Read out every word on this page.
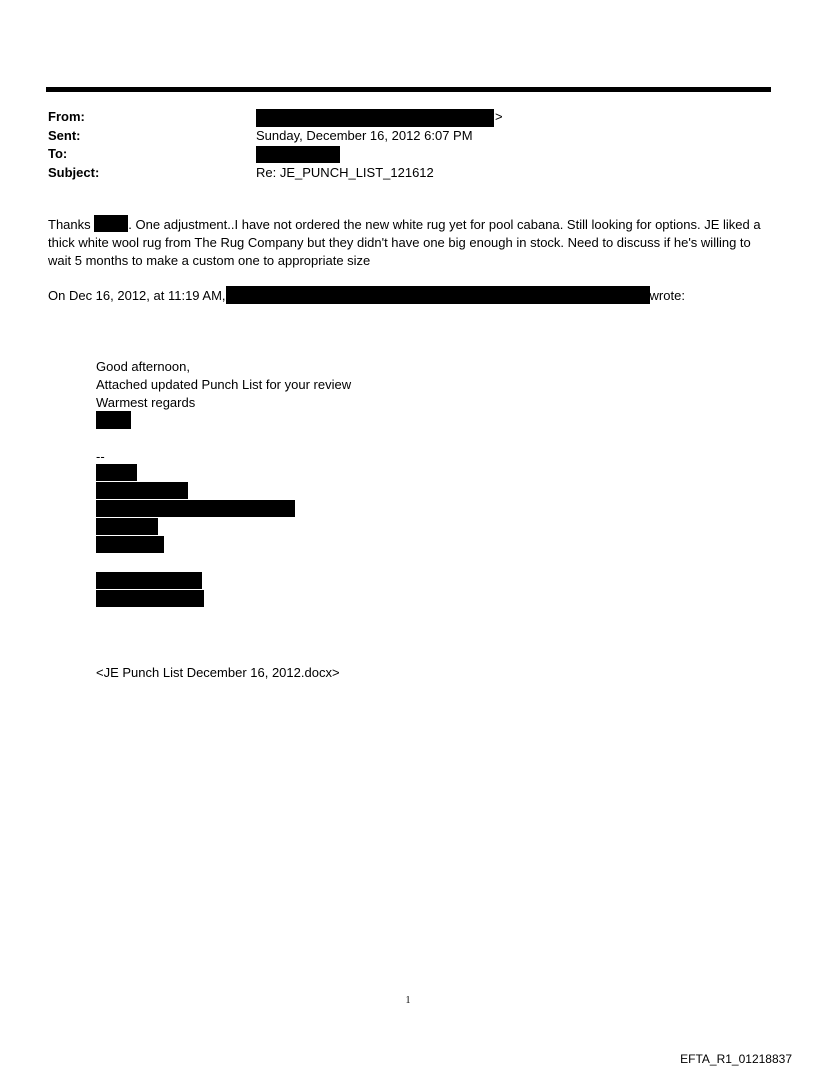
From:	>
Sent:	Sunday, December 16, 2012 6:07 PM
To:
Subject:	Re: JE_PUNCH_LIST_121612
Thanks	. One adjustment..I have not ordered the new white rug yet for pool cabana. Still looking for options. JE liked a thick white wool rug from The Rug Company but they didn't have one big enough in stock. Need to discuss if he's willing to wait 5 months to make a custom one to appropriate size
On Dec 16, 2012, at 11:19 AM,	wrote:
Good afternoon,
Attached updated Punch List for your review
Warmest regards
--
<JE Punch List December 16, 2012.docx>
1
EFTA_R1_01218837
